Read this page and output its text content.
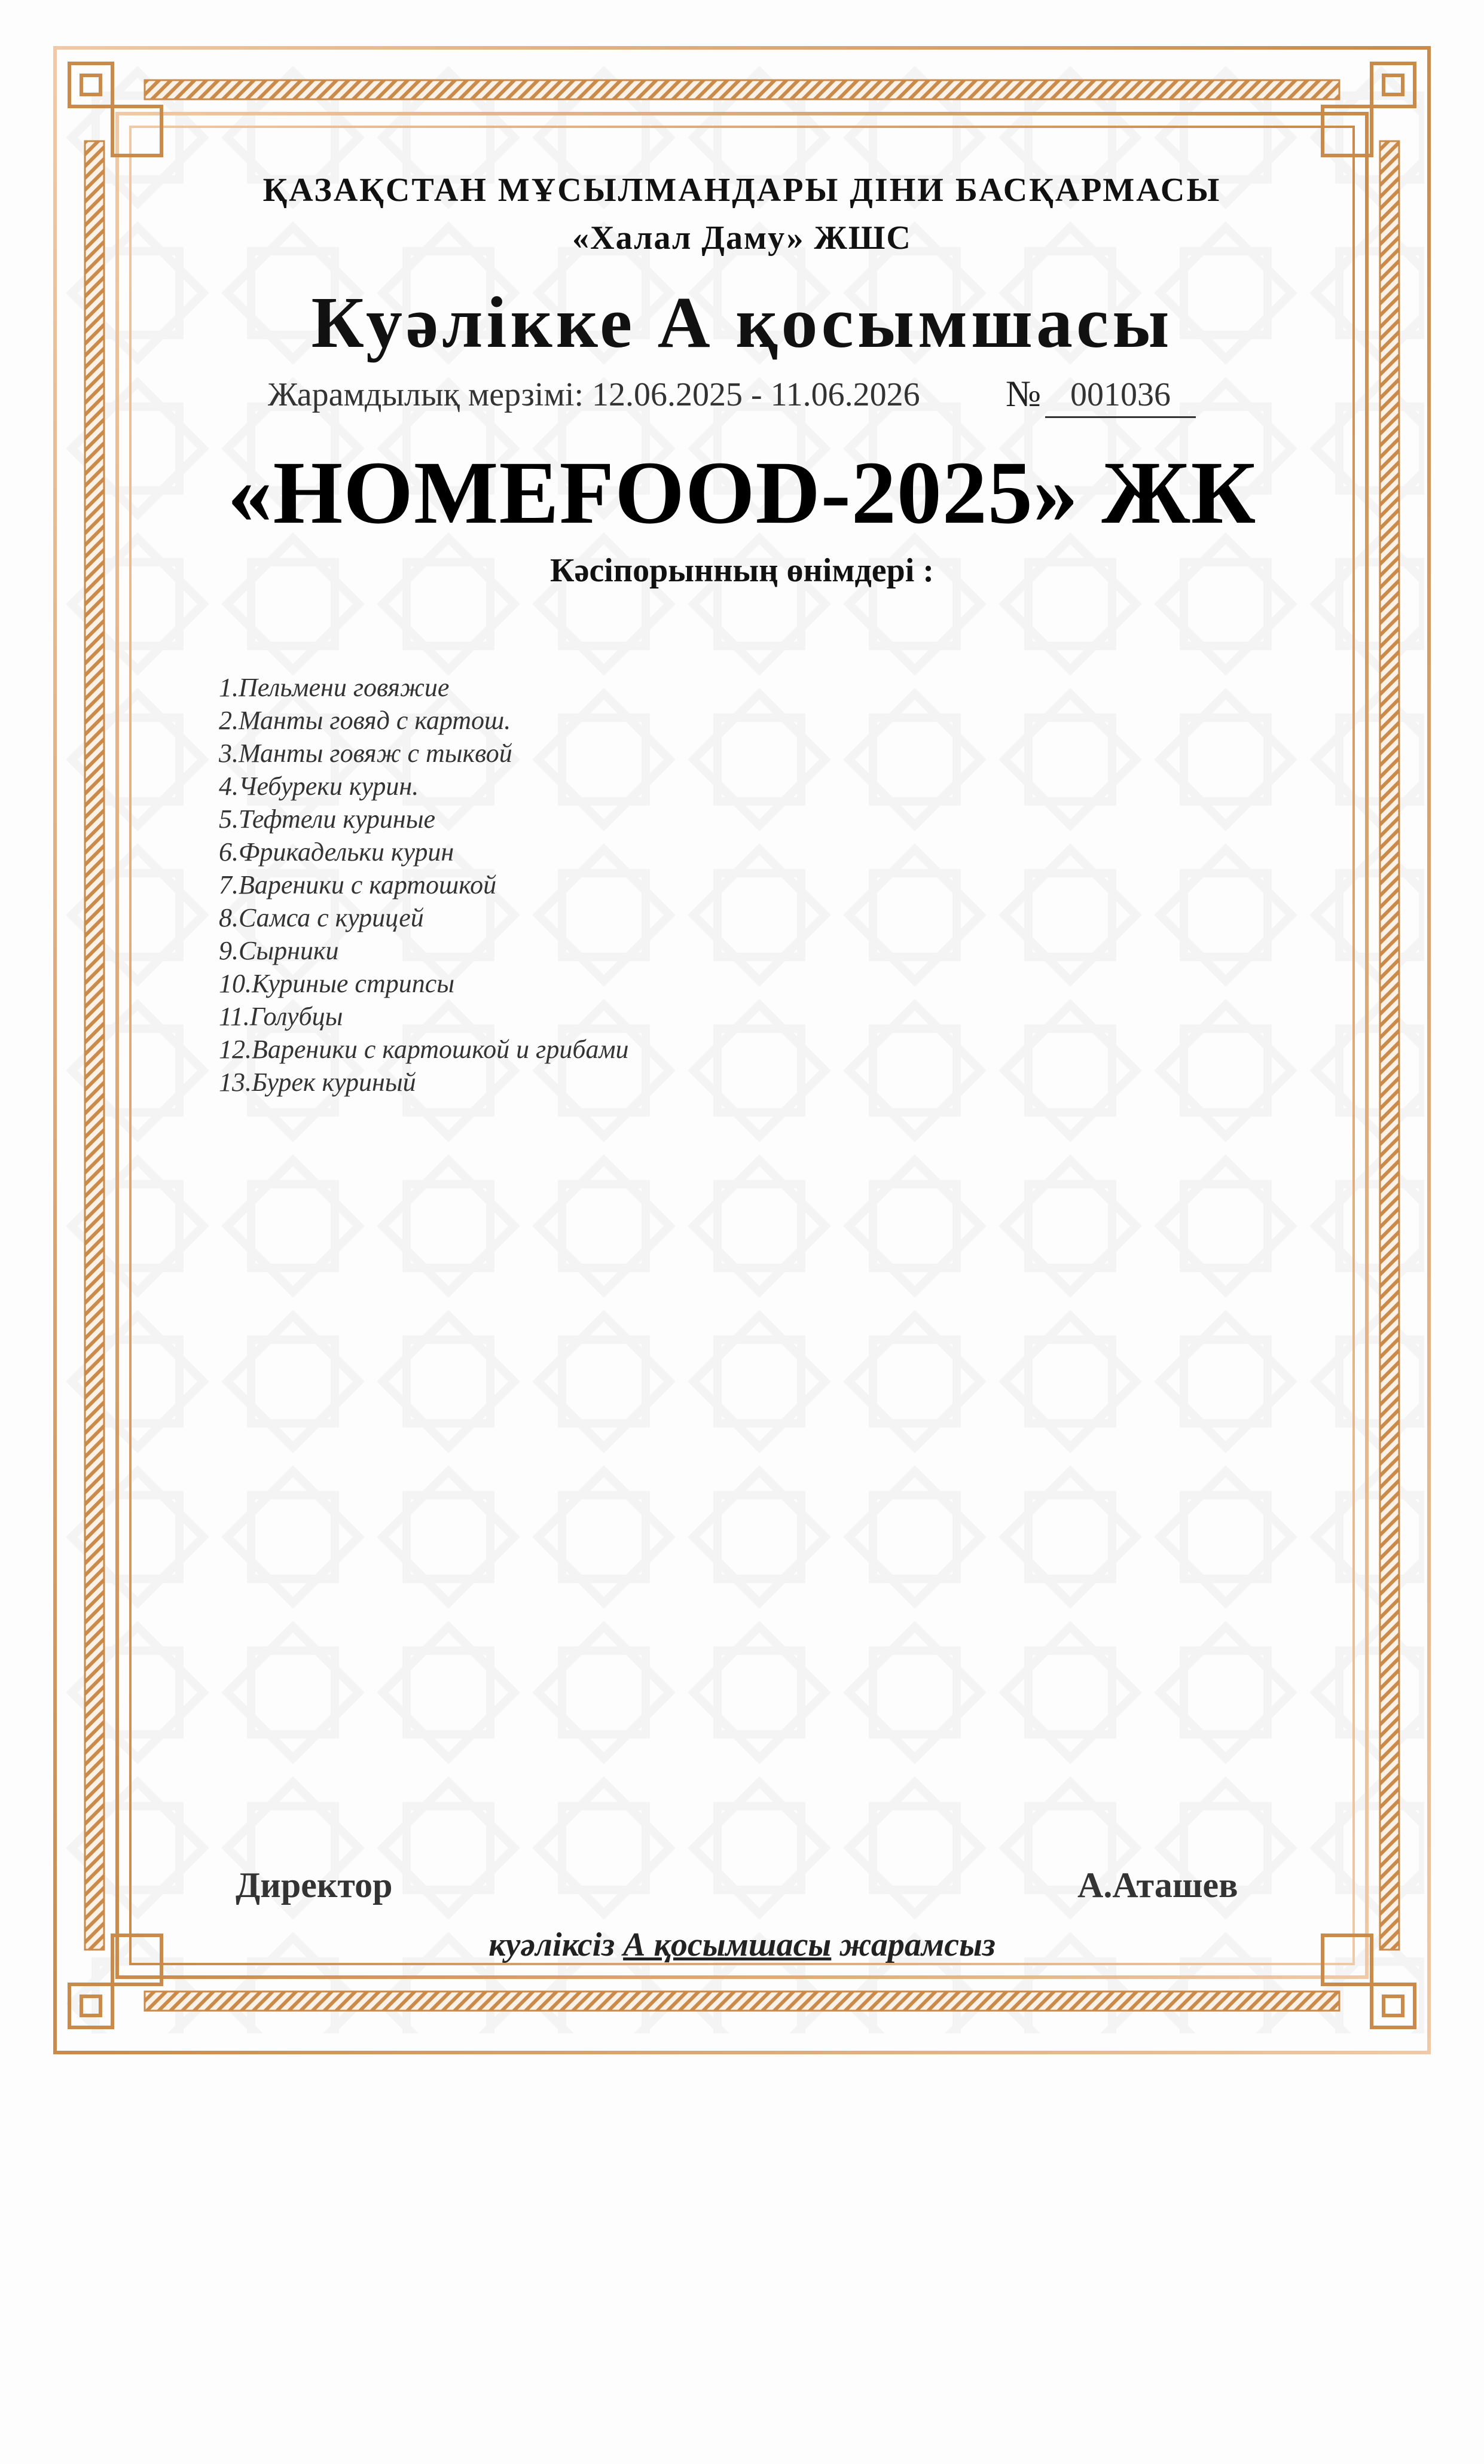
ҚАЗАҚСТАН МҰСЫЛМАНДАРЫ ДІНИ БАСҚАРМАСЫ
«Халал Даму» ЖШС
Куәлікке А қосымшасы
Жарамдылық мерзімі: 12.06.2025 - 11.06.2026 № 001036
«HOMEFOOD-2025» ЖК
Кәсіпорынның өнімдері :
1.Пельмени говяжие
2.Манты говяд с картош.
3.Манты говяж с тыквой
4.Чебуреки курин.
5.Тефтели куриные
6.Фрикадельки курин
7.Вареники с картошкой
8.Самса с курицей
9.Сырники
10.Куриные стрипсы
11.Голубцы
12.Вареники с картошкой и грибами
13.Бурек куриный
Директор	А.Аташев
куәліксіз А қосымшасы жарамсыз
